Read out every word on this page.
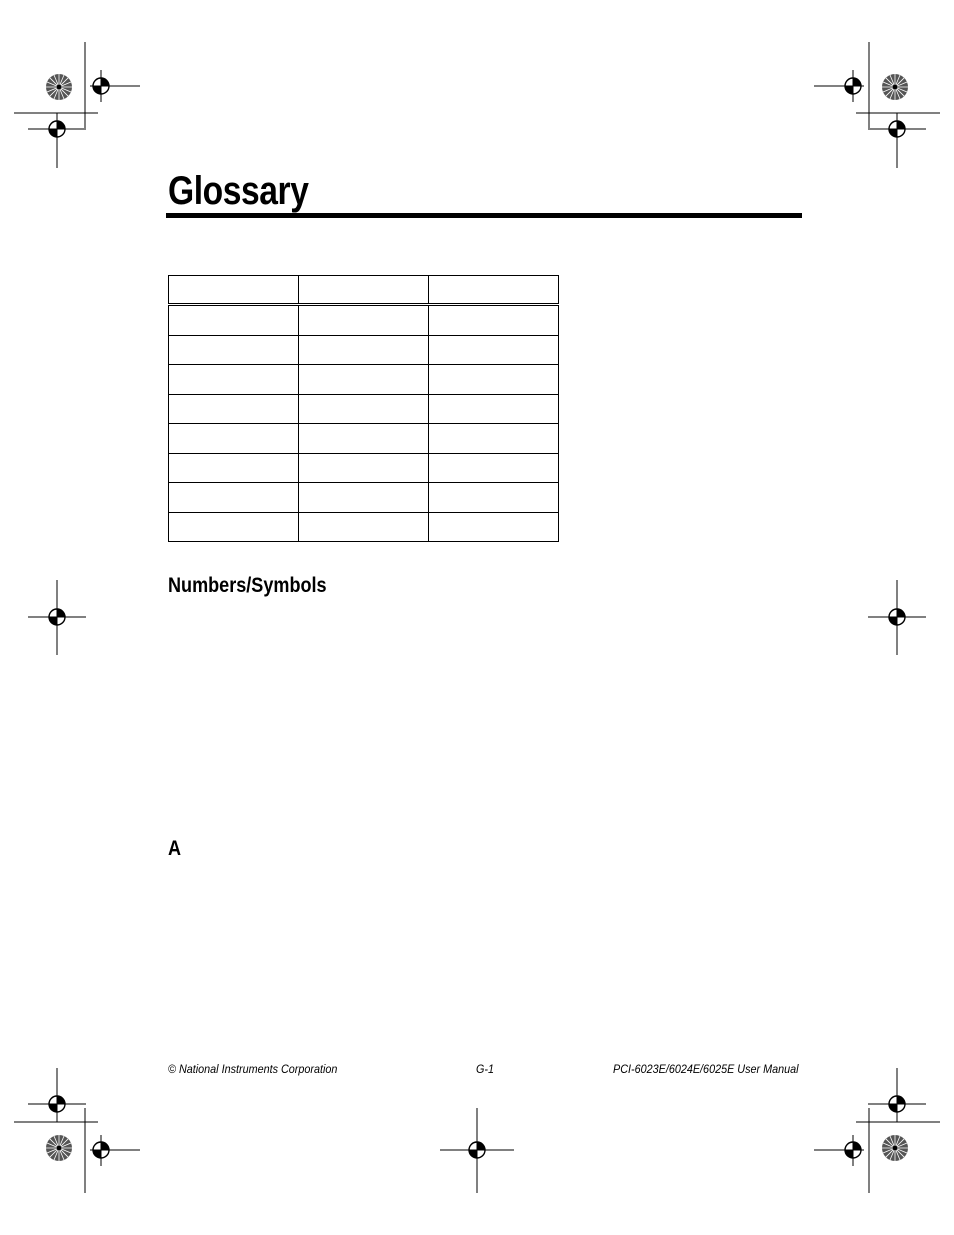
Glossary

Numbers/Symbols
A
© National Instruments Corporation	G-1	PCI-6023E/6024E/6025E User Manual
